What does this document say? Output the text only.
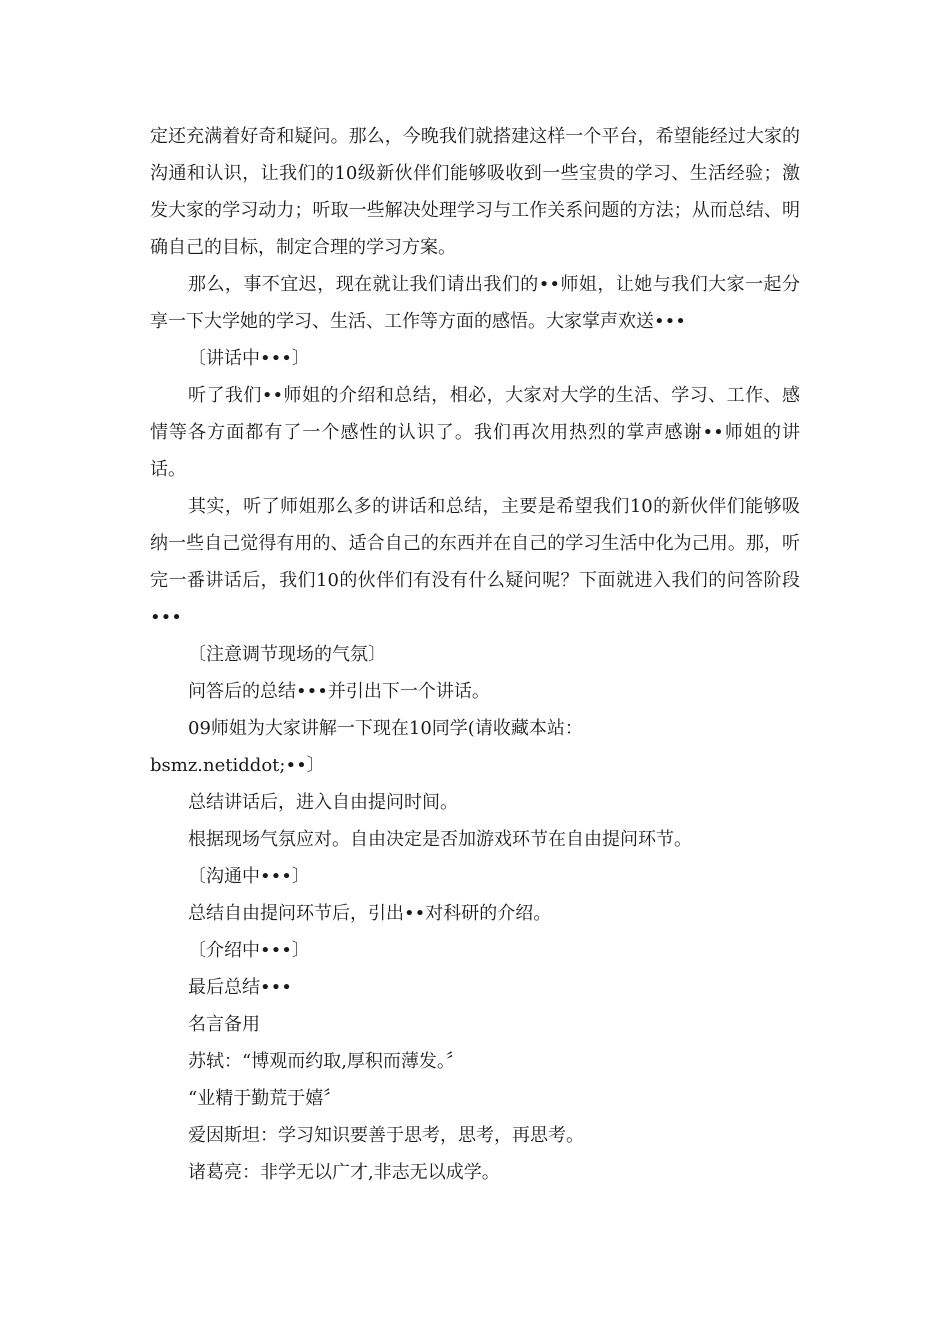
定还充满着好奇和疑问。那么，今晚我们就搭建这样一个平台，希望能经过大家的沟通和认识，让我们的10级新伙伴们能够吸收到一些宝贵的学习、生活经验；激发大家的学习动力；听取一些解决处理学习与工作关系问题的方法；从而总结、明确自己的目标，制定合理的学习方案。

那么，事不宜迟，现在就让我们请出我们的••师姐，让她与我们大家一起分享一下大学她的学习、生活、工作等方面的感悟。大家掌声欢送•••

〔讲话中•••〕

听了我们••师姐的介绍和总结，相必，大家对大学的生活、学习、工作、感情等各方面都有了一个感性的认识了。我们再次用热烈的掌声感谢••师姐的讲话。

其实，听了师姐那么多的讲话和总结，主要是希望我们10的新伙伴们能够吸纳一些自己觉得有用的、适合自己的东西并在自己的学习生活中化为己用。那，听完一番讲话后，我们10的伙伴们有没有什么疑问呢？下面就进入我们的问答阶段•••

〔注意调节现场的气氛〕

问答后的总结•••并引出下一个讲话。

09师姐为大家讲解一下现在10同学(请收藏本站：

bsmz.netiddot;••〕

总结讲话后，进入自由提问时间。

根据现场气氛应对。自由决定是否加游戏环节在自由提问环节。

〔沟通中•••〕

总结自由提问环节后，引出••对科研的介绍。

〔介绍中•••〕

最后总结•••

名言备用

苏轼：“博观而约取,厚积而薄发。〞

“业精于勤荒于嬉〞

爱因斯坦：学习知识要善于思考，思考，再思考。

诸葛亮：非学无以广才,非志无以成学。
